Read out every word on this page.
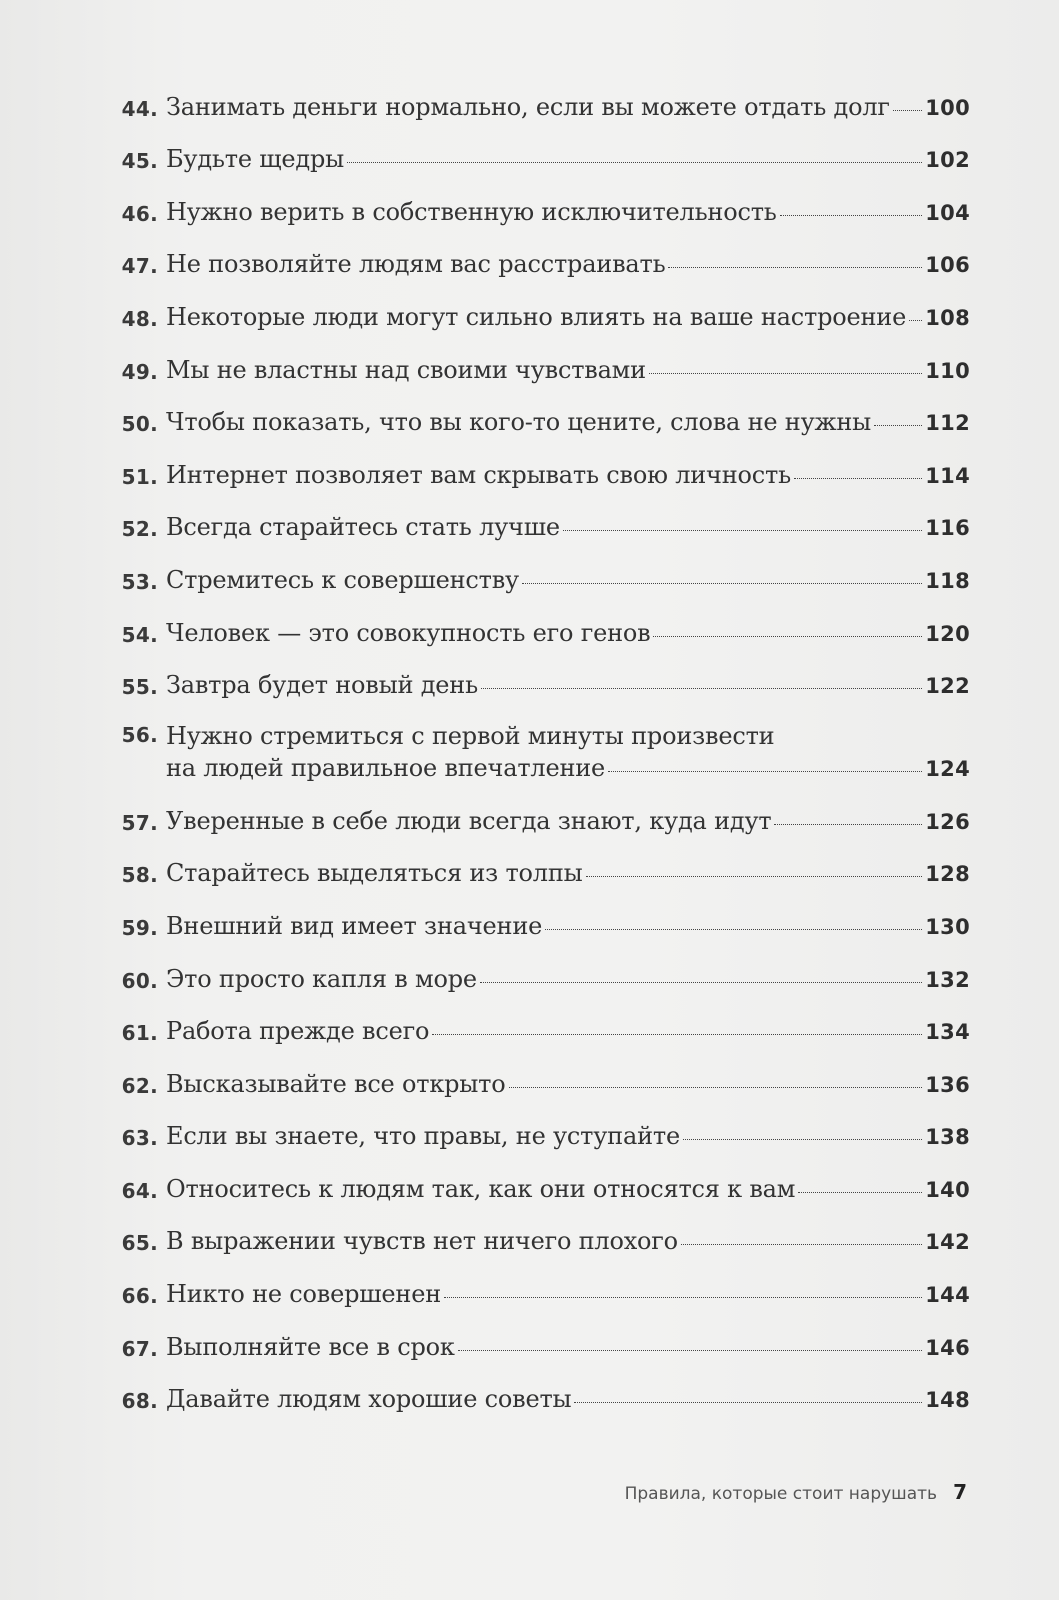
44. Занимать деньги нормально, если вы можете отдать долг 100
45. Будьте щедры	102
46. Нужно верить в собственную исключительность	104
47. Не позволяйте людям вас расстраивать	106
48. Некоторые люди могут сильно влиять на ваше настроение 108
49. Мы не властны над своими чувствами	110
50. Чтобы показать, что вы кого-то цените, слова не нужны	112
51. Интернет позволяет вам скрывать свою личность	114
52. Всегда старайтесь стать лучше	116
53. Стремитесь к совершенству	118
54. Человек — это совокупность его генов	120
55. Завтра будет новый день	122
56. Нужно стремиться с первой минуты произвести
на людей правильное впечатление	124
57. Уверенные в себе люди всегда знают, куда идут	126
58. Старайтесь выделяться из толпы	128
59. Внешний вид имеет значение	130
60. Это просто капля в море	132
61. Работа прежде всего	134
62. Высказывайте все открыто	136
63. Если вы знаете, что правы, не уступайте	138
64. Относитесь к людям так, как они относятся к вам	140
65. В выражении чувств нет ничего плохого	142
66. Никто не совершенен	144
67. Выполняйте все в срок	146
68. Давайте людям хорошие советы	148
Правила, которые стоит нарушать 7
